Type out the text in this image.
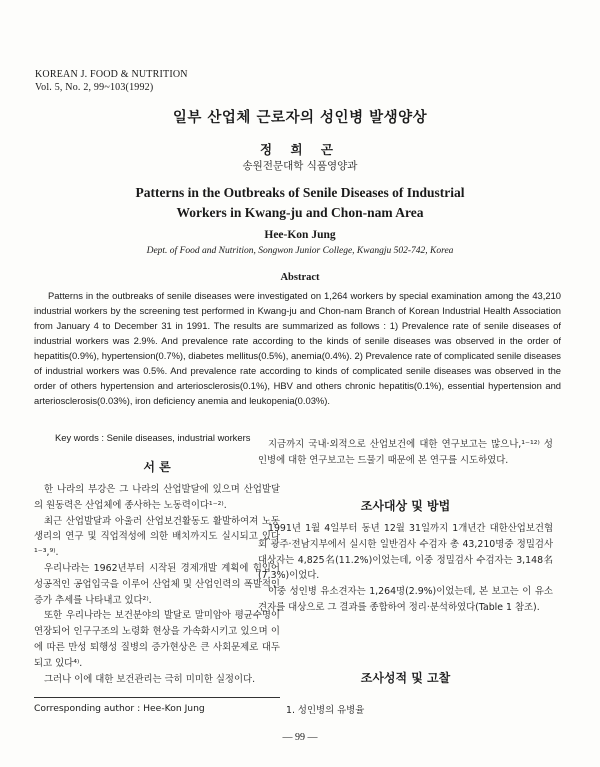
KOREAN J. FOOD & NUTRITION
Vol. 5, No. 2, 99~103(1992)
일부 산업체 근로자의 성인병 발생양상
정 희 곤
송원전문대학 식품영양과
Patterns in the Outbreaks of Senile Diseases of Industrial
Workers in Kwang-ju and Chon-nam Area
Hee-Kon Jung
Dept. of Food and Nutrition, Songwon Junior College, Kwangju 502-742, Korea
Abstract

Patterns in the outbreaks of senile diseases were investigated on 1,264 workers by special examination among the 43,210 industrial workers by the screening test performed in Kwang-ju and Chon-nam Branch of Korean Industrial Health Association from January 4 to December 31 in 1991. The results are summarized as follows : 1) Prevalence rate of senile diseases of industrial workers was 2.9%. And prevalence rate according to the kinds of senile diseases was observed in the order of hepatitis(0.9%), hypertension(0.7%), diabetes mellitus(0.5%), anemia(0.4%). 2) Prevalence rate of complicated senile diseases of industrial workers was 0.5%. And prevalence rate according to kinds of complicated senile diseases was observed in the order of others hypertension and arteriosclerosis(0.1%), HBV and others chronic hepatitis(0.1%), essential hypertension and arteriosclerosis(0.03%), iron deficiency anemia and leukopenia(0.03%).

Key words : Senile diseases, industrial workers
서 론

한 나라의 부강은 그 나라의 산업발달에 있으며 산업발달의 원동력은 산업체에 종사하는 노동력이다¹⁻²⁾.

최근 산업발달과 아울러 산업보건활동도 활발하여져 노동생리의 연구 및 직업적성에 의한 배치까지도 실시되고 있다¹⁻³,⁹⁾.

우리나라는 1962년부터 시작된 경제개발 계획에 힘입어 성공적인 공업입국을 이루어 산업체 및 산업인력의 폭발적인 증가 추세를 나타내고 있다²⁾.

또한 우리나라는 보건분야의 발달로 말미암아 평균수명이 연장되어 인구구조의 노령화 현상을 가속화시키고 있으며 이에 따른 만성 퇴행성 질병의 증가현상은 큰 사회문제로 대두되고 있다⁴⁾.

그러나 이에 대한 보건관리는 극히 미미한 실정이다.

지금까지 국내·외적으로 산업보건에 대한 연구보고는 많으나,¹⁻¹²⁾ 성인병에 대한 연구보고는 드물기 때문에 본 연구를 시도하였다.

조사대상 및 방법

1991년 1월 4일부터 동년 12월 31일까지 1개년간 대한산업보건협회 광주·전남지부에서 실시한 일반검사 수검자 총 43,210명중 정밀검사 대상자는 4,825名(11.2%)이었는데, 이중 정밀검사 수검자는 3,148名(7.3%)이었다.

이중 성인병 유소견자는 1,264명(2.9%)이었는데, 본 보고는 이 유소견자를 대상으로 그 결과를 종합하여 정리·분석하였다(Table 1 참조).

조사성적 및 고찰
1. 성인병의 유병율
Corresponding author : Hee-Kon Jung
— 99 —
